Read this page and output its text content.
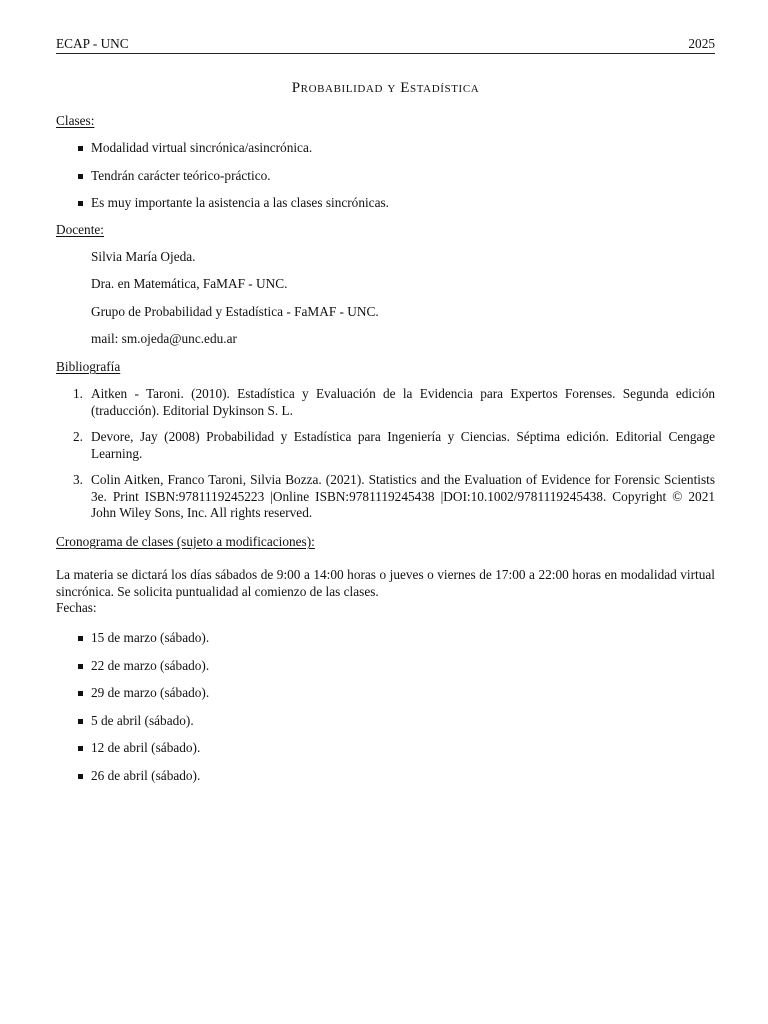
ECAP - UNC	2025
Probabilidad y Estadística
Clases:
Modalidad virtual sincrónica/asincrónica.
Tendrán carácter teórico-práctico.
Es muy importante la asistencia a las clases sincrónicas.
Docente:
Silvia María Ojeda.
Dra. en Matemática, FaMAF - UNC.
Grupo de Probabilidad y Estadística - FaMAF - UNC.
mail: sm.ojeda@unc.edu.ar
Bibliografía
1. Aitken - Taroni. (2010). Estadística y Evaluación de la Evidencia para Expertos Forenses. Segunda edición (traducción). Editorial Dykinson S. L.
2. Devore, Jay (2008) Probabilidad y Estadística para Ingeniería y Ciencias. Séptima edición. Editorial Cengage Learning.
3. Colin Aitken, Franco Taroni, Silvia Bozza. (2021). Statistics and the Evaluation of Evidence for Forensic Scientists 3e. Print ISBN:9781119245223 |Online ISBN:9781119245438 |DOI:10.1002/9781119245438. Copyright © 2021 John Wiley Sons, Inc. All rights reserved.
Cronograma de clases (sujeto a modificaciones):
La materia se dictará los días sábados de 9:00 a 14:00 horas o jueves o viernes de 17:00 a 22:00 horas en modalidad virtual sincrónica. Se solicita puntualidad al comienzo de las clases.
Fechas:
15 de marzo (sábado).
22 de marzo (sábado).
29 de marzo (sábado).
5 de abril (sábado).
12 de abril (sábado).
26 de abril (sábado).
